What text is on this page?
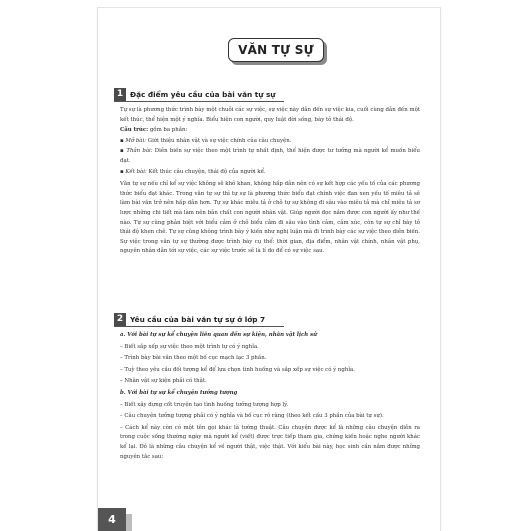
VĂN TỰ SỰ
1 Đặc điểm yêu cầu của bài văn tự sự

Tự sự là phương thức trình bày một chuỗi các sự việc, sự việc này dẫn đến sự việc kia, cuối cùng dẫn đến một kết thúc, thể hiện một ý nghĩa. Biểu hiện con người, quy luật đời sống, bày tỏ thái độ.

Cấu trúc: gồm ba phần:

▪ Mở bài: Giới thiệu nhân vật và sự việc chính của câu chuyện.

▪ Thân bài: Diễn biến sự việc theo một trình tự nhất định, thể hiện được tư tưởng mà người kể muốn biểu đạt.

▪ Kết bài: Kết thúc câu chuyện, thái độ của người kể.

Văn tự sự nếu chỉ kể sự việc không sẽ khô khan, không hấp dẫn nên có sự kết hợp các yếu tố của các phương thức biểu đạt khác. Trong văn tự sự thì tự sự là phương thức biểu đạt chính việc đan xen yếu tố miêu tả sẽ làm bài văn trở nên hấp dẫn hơn. Tự sự khác miêu tả ở chỗ tự sự không đi sâu vào miêu tả mà chỉ miêu tả sơ lược những chi tiết mà làm nên bản chất con người nhân vật. Giúp người đọc nắm được con người ấy như thế nào. Tự sự cũng phản biệt với biểu cảm ở chỗ biểu cảm đi sâu vào tình cảm, cảm xúc, còn tự sự chỉ bày tỏ thái độ khen chê. Tự sự cũng không trình bày ý kiến như nghị luận mà đi trình bày các sự việc theo diễn biến. Sự việc trong văn tự sự thường được trình bày cụ thể: thời gian, địa điểm, nhân vật chính, nhân vật phụ, nguyên nhân dẫn tới sự việc, các sự việc trước sẽ là lí do để có sự việc sau.

2 Yêu cầu của bài văn tự sự ở lớp 7

a. Với bài tự sự kể chuyện liên quan đến sự kiện, nhân vật lịch sử

– Biết sắp xếp sự việc theo một trình tự có ý nghĩa.

– Trình bày bài văn theo một bố cục mạch lạc 3 phần.

– Tuỳ theo yêu cầu đối tượng kể để lựa chọn tình huống và sắp xếp sự việc có ý nghĩa.

– Nhân vật sự kiện phải có thật.

b. Với bài tự sự kể chuyện tưởng tượng

– Biết xây dựng cốt truyện tạo tình huống tưởng tượng hợp lý.

– Câu chuyện tưởng tượng phải có ý nghĩa và bố cục rõ ràng (theo kết cấu 3 phần của bài tự sự).

– Cách kể này còn có một tên gọi khác là tường thuật. Câu chuyện được kể là những câu chuyện diễn ra trong cuộc sống thường ngày mà người kể (viết) được trực tiếp tham gia, chứng kiến hoặc nghe người khác kể lại. Đó là những câu chuyện kể về người thật, việc thật. Với kiểu bài này, học sinh cần nắm được những nguyên tắc sau:

4
